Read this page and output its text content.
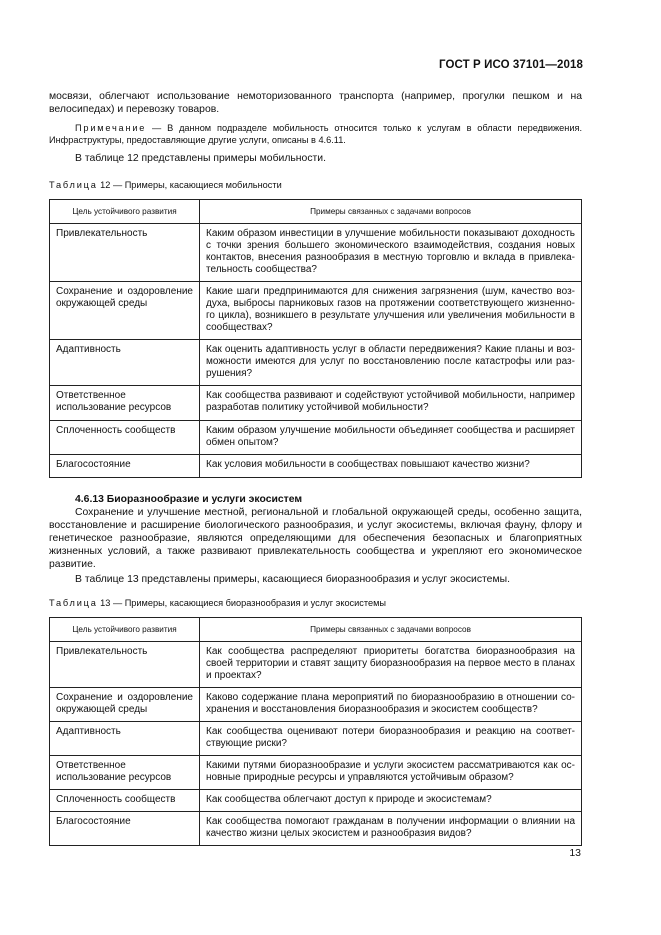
ГОСТ Р ИСО 37101—2018

мосвязи, облегчают использование немоторизованного транспорта (например, прогулки пешком и на велосипедах) и перевозку товаров.

Примечание — В данном подразделе мобильность относится только к услугам в области передвижения. Инфраструктуры, предоставляющие другие услуги, описаны в 4.6.11.

В таблице 12 представлены примеры мобильности.

Таблица 12 — Примеры, касающиеся мобильности
Цель устойчивого развития	Примеры связанных с задачами вопросов
Привлекательность	Каким образом инвестиции в улучшение мобильности показывают доходность с точки зрения большего экономического взаимодействия, создания новых контактов, внесения разнообразия в местную торговлю и вклада в привлекательность сообщества?
Сохранение и оздоровление окружающей среды	Какие шаги предпринимаются для снижения загрязнения (шум, качество воздуха, выбросы парниковых газов на протяжении соответствующего жизненного цикла), возникшего в результате улучшения или увеличения мобильности в сообществах?
Адаптивность	Как оценить адаптивность услуг в области передвижения? Какие планы и возможности имеются для услуг по восстановлению после катастрофы или разрушения?
Ответственное использование ресурсов	Как сообщества развивают и содействуют устойчивой мобильности, например разработав политику устойчивой мобильности?
Сплоченность сообществ	Каким образом улучшение мобильности объединяет сообщества и расширяет обмен опытом?
Благосостояние	Как условия мобильности в сообществах повышают качество жизни?

4.6.13 Биоразнообразие и услуги экосистем

Сохранение и улучшение местной, региональной и глобальной окружающей среды, особенно защита, восстановление и расширение биологического разнообразия, и услуг экосистемы, включая фауну, флору и генетическое разнообразие, являются определяющими для обеспечения безопасных и благоприятных жизненных условий, а также развивают привлекательность сообщества и укрепляют его экономическое развитие.

В таблице 13 представлены примеры, касающиеся биоразнообразия и услуг экосистемы.

Таблица 13 — Примеры, касающиеся биоразнообразия и услуг экосистемы
Цель устойчивого развития	Примеры связанных с задачами вопросов
Привлекательность	Как сообщества распределяют приоритеты богатства биоразнообразия на своей территории и ставят защиту биоразнообразия на первое место в планах и проектах?
Сохранение и оздоровление окружающей среды	Каково содержание плана мероприятий по биоразнообразию в отношении сохранения и восстановления биоразнообразия и экосистем сообществ?
Адаптивность	Как сообщества оценивают потери биоразнообразия и реакцию на соответствующие риски?
Ответственное использование ресурсов	Какими путями биоразнообразие и услуги экосистем рассматриваются как основные природные ресурсы и управляются устойчивым образом?
Сплоченность сообществ	Как сообщества облегчают доступ к природе и экосистемам?
Благосостояние	Как сообщества помогают гражданам в получении информации о влиянии на качество жизни целых экосистем и разнообразия видов?
13
